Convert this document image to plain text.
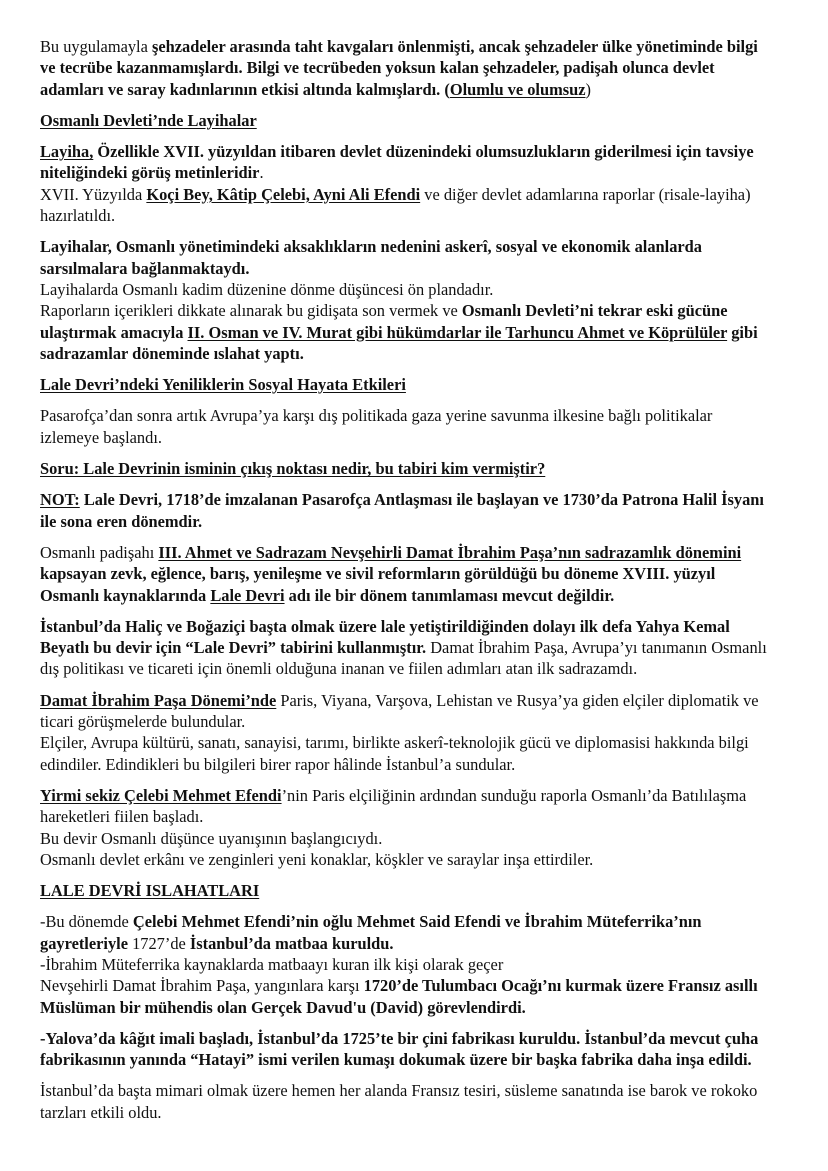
Bu uygulamayla şehzadeler arasında taht kavgaları önlenmişti, ancak şehzadeler ülke yönetiminde bilgi
ve tecrübe kazanmamışlardı. Bilgi ve tecrübeden yoksun kalan şehzadeler, padişah olunca devlet
adamları ve saray kadınlarının etkisi altında kalmışlardı. (Olumlu ve olumsuz)
Osmanlı Devleti’nde Layihalar
Layiha, Özellikle XVII. yüzyıldan itibaren devlet düzenindeki olumsuzlukların giderilmesi için tavsiye
niteliğindeki görüş metinleridir.
XVII. Yüzyılda Koçi Bey, Kâtip Çelebi, Ayni Ali Efendi ve diğer devlet adamlarına raporlar (risale-layiha)
hazırlatıldı.
Layihalar, Osmanlı yönetimindeki aksaklıkların nedenini askerî, sosyal ve ekonomik alanlarda
sarsılmalara bağlanmaktaydı.
Layihalarda Osmanlı kadim düzenine dönme düşüncesi ön plandadır.
Raporların içerikleri dikkate alınarak bu gidişata son vermek ve Osmanlı Devleti’ni tekrar eski gücüne
ulaştırmak amacıyla II. Osman ve IV. Murat gibi hükümdarlar ile Tarhuncu Ahmet ve Köprülüler gibi
sadrazamlar döneminde ıslahat yaptı.
Lale Devri’ndeki Yeniliklerin Sosyal Hayata Etkileri
Pasarofça’dan sonra artık Avrupa’ya karşı dış politikada gaza yerine savunma ilkesine bağlı politikalar
izlemeye başlandı.
Soru: Lale Devrinin isminin çıkış noktası nedir, bu tabiri kim vermiştir?
NOT: Lale Devri, 1718’de imzalanan Pasarofça Antlaşması ile başlayan ve 1730’da Patrona Halil İsyanı
ile sona eren dönemdir.
Osmanlı padişahı III. Ahmet ve Sadrazam Nevşehirli Damat İbrahim Paşa’nın sadrazamlık dönemini
kapsayan zevk, eğlence, barış, yenileşme ve sivil reformların görüldüğü bu döneme XVIII. yüzyıl
Osmanlı kaynaklarında Lale Devri adı ile bir dönem tanımlaması mevcut değildir.
İstanbul’da Haliç ve Boğaziçi başta olmak üzere lale yetiştirildiğinden dolayı ilk defa Yahya Kemal
Beyatlı bu devir için “Lale Devri” tabirini kullanmıştır. Damat İbrahim Paşa, Avrupa’yı tanımanın Osmanlı
dış politikası ve ticareti için önemli olduğuna inanan ve fiilen adımları atan ilk sadrazamdı.
Damat İbrahim Paşa Dönemi’nde Paris, Viyana, Varşova, Lehistan ve Rusya’ya giden elçiler diplomatik ve
ticari görüşmelerde bulundular.
Elçiler, Avrupa kültürü, sanatı, sanayisi, tarımı, birlikte askerî-teknolojik gücü ve diplomasisi hakkında bilgi
edindiler. Edindikleri bu bilgileri birer rapor hâlinde İstanbul’a sundular.
Yirmi sekiz Çelebi Mehmet Efendi’nin Paris elçiliğinin ardından sunduğu raporla Osmanlı’da Batılılaşma
hareketleri fiilen başladı.
Bu devir Osmanlı düşünce uyanışının başlangıcıydı.
Osmanlı devlet erkânı ve zenginleri yeni konaklar, köşkler ve saraylar inşa ettirdiler.
LALE DEVRİ ISLAHATLARI
-Bu dönemde Çelebi Mehmet Efendi’nin oğlu Mehmet Said Efendi ve İbrahim Müteferrika’nın
gayretleriyle 1727’de İstanbul’da matbaa kuruldu.
-İbrahim Müteferrika kaynaklarda matbaayı kuran ilk kişi olarak geçer
Nevşehirli Damat İbrahim Paşa, yangınlara karşı 1720’de Tulumbacı Ocağı’nı kurmak üzere Fransız asıllı
Müslüman bir mühendis olan Gerçek Davud'u (David) görevlendirdi.
-Yalova’da kâğıt imali başladı, İstanbul’da 1725’te bir çini fabrikası kuruldu. İstanbul’da mevcut çuha
fabrikasının yanında “Hatayi” ismi verilen kumaşı dokumak üzere bir başka fabrika daha inşa edildi.
İstanbul’da başta mimari olmak üzere hemen her alanda Fransız tesiri, süsleme sanatında ise barok ve rokoko
tarzları etkili oldu.
